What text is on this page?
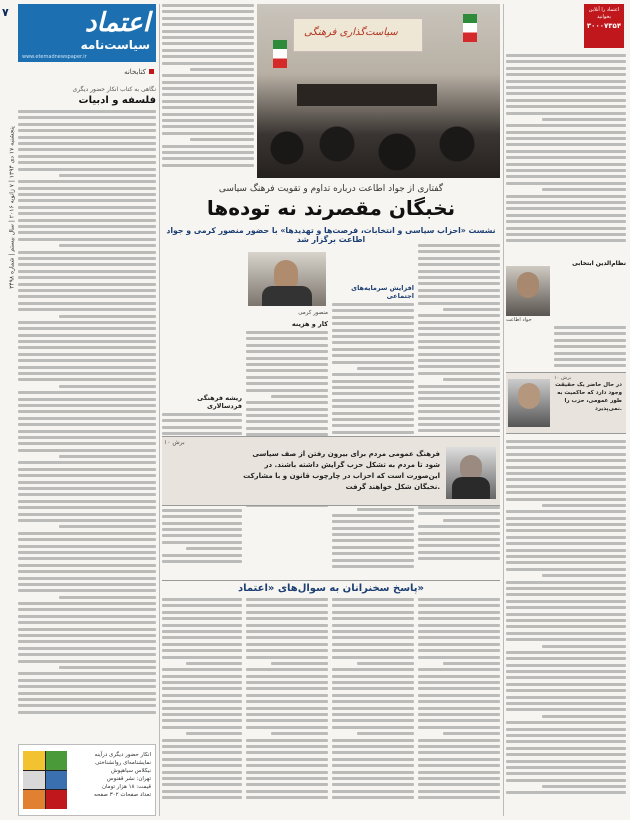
۷
پنجشنبه ۱۷ دی ۱۳۹۴ | ۷ ژانویه ۲۰۱۶ | سال بیستم | شماره ۳۴۹۸
اعتماد
سیاست‌نامه
www.etemadnewspaper.ir
کتابخانه
نگاهی به کتاب انکار حضور دیگری
فلسفه و ادبیات
انکار حضور دیگری درآینه
نمایشنامه‌ای روانشناختی
نیکلاس سیاهپوش
تهران: نشر ققنوس
قیمت: ۱۸ هزار تومان
تعداد صفحات ۳۰۲ صفحه
سیاست‌گذاری فرهنگی
گفتاری از جواد اطاعت درباره تداوم و تقویت فرهنگ سیاسی
نخبگان مقصرند نه توده‌ها
نشست «احزاب سیاسی و انتخابات، فرصت‌ها و تهدیدها» با حضور منصور کرمی و جواد اطاعت برگزار شد
افزایش سرمایه‌های اجتماعی
منصور کرمی
کار و هزینه
ریشه فرهنگی فردسالاری
برش ۱۰
فرهنگ عمومی مردم برای بیرون رفتن از صف سیاسی شود تا مردم به تشکل حزب گرایش داشته باشند. در این‌صورت است که احزاب در چارچوب قانون و با مشارکت نخبگان شکل خواهند گرفت.
پاسخ سخنرانان به سوال‌های «اعتماد»
اعتماد را آنلاین بخوانید
۳۰۰۰۷۳۵۴
نظام‌الدین ابتخابی
جواد اطاعت
برش ۱۰
در حال حاضر یک حقیقت وجود دارد که حاکمیت به طور عمومی، حزب را نمی‌پذیرد.
